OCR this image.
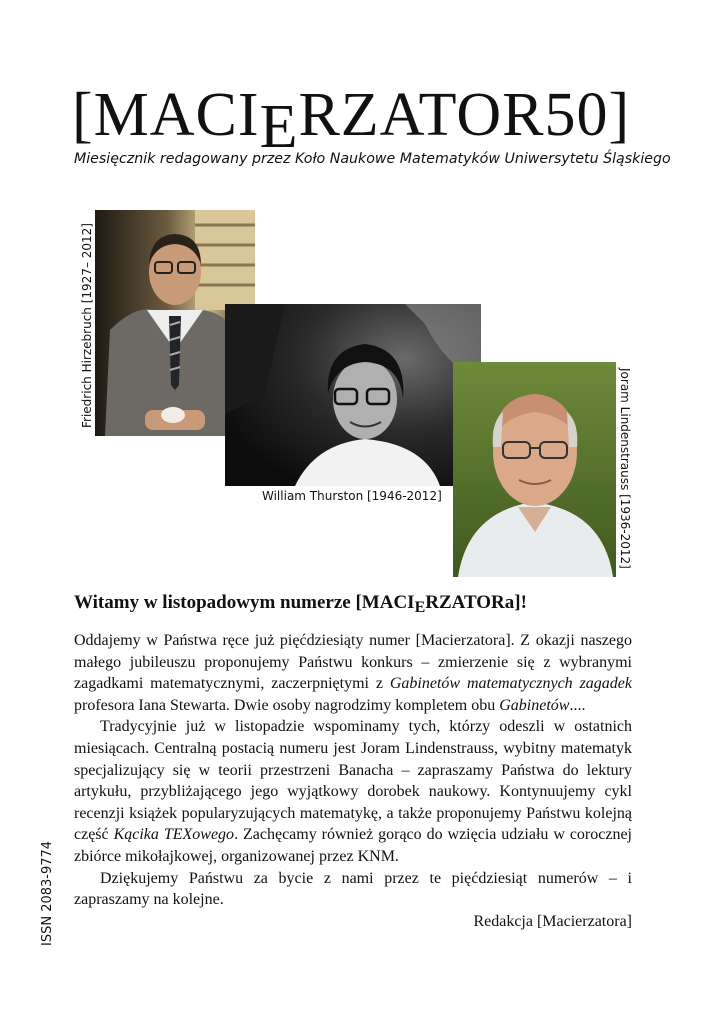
[MACIERZATOR50]
Miesięcznik redagowany przez Koło Naukowe Matematyków Uniwersytetu Śląskiego
Friedrich Hirzebruch [1927– 2012]
William Thurston [1946-2012]	Joram Lindenstrauss [1936-2012]
Witamy w listopadowym numerze $[MACI_ERZATORa]$!

Oddajemy w Państwa ręce już pięćdziesiąty numer [Macierzatora]. Z okazji naszego małego jubileuszu proponujemy Państwu konkurs – zmierzenie się z wybranymi zagadkami matematycznymi, zaczerpniętymi z Gabinetów matematycznych zagadek profesora Iana Stewarta. Dwie osoby nagrodzimy kompletem obu Gabinetów....

Tradycyjnie już w listopadzie wspominamy tych, którzy odeszli w ostatnich miesiącach. Centralną postacią numeru jest Joram Lindenstrauss, wybitny matematyk specjalizujący się w teorii przestrzeni Banacha – zapraszamy Państwa do lektury artykułu, przybliżającego jego wyjątkowy dorobek naukowy. Kontynuujemy cykl recenzji książek popularyzujących matematykę, a także proponujemy Państwu kolejną część Kącika TEXowego. Zachęcamy również gorąco do wzięcia udziału w corocznej zbiórce mikołajkowej, organizowanej przez KNM.

Dziękujemy Państwu za bycie z nami przez te pięćdziesiąt numerów – i zapraszamy na kolejne.

Redakcja [Macierzatora]

ISSN 2083-9774
